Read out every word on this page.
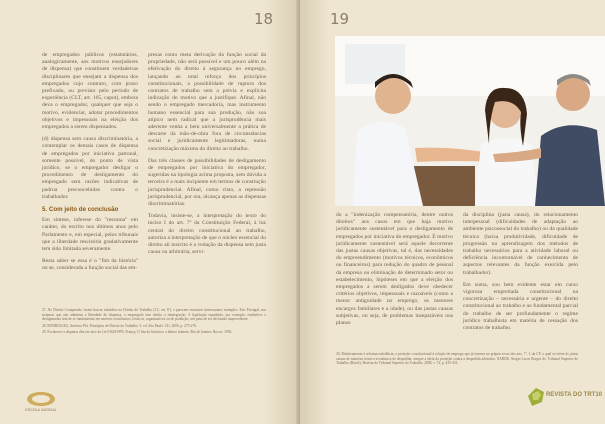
18

de empregados públicos (estatutários, analogicamente, aos motivos ensejadores de dispensa) que constituem verdadeiras disciplinares que ensejam a dispensa dos empregados cujo contrato, com prazo prefixado, ou previsto pelo período de experiência (CLT, art. 165, caput), embora deva o empregador, qualquer que seja o motivo, evidenciar, adotar procedimentos objetivos e impessoais na eleição dos empregados a serem dispensados.

(d) dispensa sem causa discriminatória, a contemplar os demais casos de dispensa de empregados por iniciativa patronal, somente possível, do ponto de vista jurídico, se o empregador desligar o procedimento de desligamento do empregado sem razões indicativas de padrua preconcebidas contra o trabalhador.

5. Com jeito de conclusão

Em síntese, inferese do "ressuma" em caráter, do escrito nos últimos anos pelo Parlamento e, em especial, pelos tribunais que a liberdade rescisória gradativamente tem sido limitada severamente.

Resta saber se essa é o "fim da história" ou se, considerada a função social das em-

presas como meta derivação da função social da propriedade, não será possível e um pouco além na efetivação do direito à segurança no emprego, lançando ao total reforço dos princípios constitucionais, a possibilidade de ruptura dos contratos de trabalho sem a prévia e explícita indicação do motivo que a justifique. Afinal, não sendo o empregado mercadoria, mas instrumento humano essencial para sua produção, não soa atípico nem radical que a jurisprudência mais aderente venha a bem universalmente a prática de descarte da mão-de-obra fora de circunstâncias social e juridicamente legitimadoras, numa concretização máxima do direito ao trabalho.

Das três classes de possibilidades de desligamento de empregados por iniciativa do empregador, sugeridas na tipologia acima proposta, sem dúvida a terceira é a mais incipiente em termos de construção jurisprudencial. Afinal, como visto, a repressão jurisprudencial, por ora, alcança apenas as dispensas discriminatórias.

Todavia, insiste-se, a interpretação do texto do inciso I do art. 7º da Constituição Federal, à luz central do direito constitucional ao trabalho, autoriza a interpretação de que o núcleo essencial do direito ali inscrito é a vedação da dispensa sem justa causa ou arbitrária, servi-

27. No Direito Comparado, foram buscar subsídios no Direito do Trabalho (LC, art. 8º), e parecem encontrar interessantes exemplos. Em: Portugal, nos sistemas que não admitem a liberdade de dispensa, o empregado tem direito a reintegração. A legislação espanhola, por exemplo, estabelece o desligamento tem de se fundamentar em motivos econômicos, técnicos, organizativos ou de produção, sob pena de ser declarado improcedente.

28. RODRIGUEZ, Américo Plá. Princípios de Direito do Trabalho. 3. ed. São Paulo: LTr, 2000, p. 275-276.

29. Esclarecer a dispensa dita em face da Lei 9.029/1995, França, O fim da história e o último homem. Rio de Janeiro: Rocco, 1992.

ESCOLA JUDICIAL
19

do a "indenização compensatória, dentre outros direitos" aos casos em que haja motivo juridicamente sustentável para o desligamento de empregados por iniciativa do empregador. É motivo juridicamente sustentável será aquele decorrente das justas causas objetivas, tal é, das necessidades do empreendimento (motivos técnicos, econômicos ou financeiros) para redução do quadro de pessoal da empresa ou eliminação de determinado setor ou estabelecimento, hipóteses em que a eleição dos empregados a serem desligados deve obedecer critérios objetivos, impessoais e razoáveis (como a menor antiguidade no emprego, os menores encargos familiares e a idade), ou das justas causas subjetivas, ou seja, de problemas inseparáveis nos planos

da disciplina (justa causa), do relacionamento interpessoal (dificuldades de adaptação ao ambiente psicossocial do trabalho) ou da qualidade técnica (baixa produtividade, dificuldade de progressão na aprendizagem dos métodos de trabalho necessários para a atividade laboral ou deficiência incontornável de conhecimento de aspectos relevantes da função exercida pelo trabalhador).

Em suma, sou bem evidente estar em curso vigorosa empreitada constitucional na concretização – necessária e urgente – do direito constitucional ao trabalho e ao fundamental parcial do trabalho de ser profundamente o regime jurídico trabalhista em matéria de cessação dos contratos de trabalho.

30. Relativamente à reforma trabalhista, a proteção constitucional à relação de emprego que já encerra no próprio texto dos arts. 7º, I, da CF, o qual se refere às justas causas de natureza técnico-econômica de despedida, sempre a ideia da proteção contra a despedida arbitrária, NARDE, Sergio Lucas Borges de. Tribunal Superior do Trabalho (Brasil); Revista do Tribunal Superior do Trabalho, 2008, v. 74, p. 433-451.

REVISTA DO TRT10
